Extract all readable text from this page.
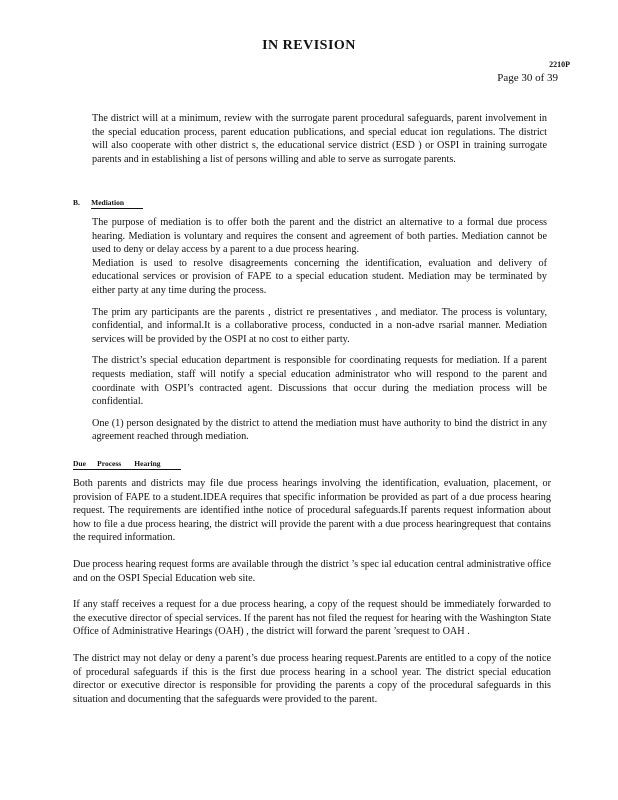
IN REVISION
2210P
Page 30 of 39

The district will at a minimum, review with the surrogate parent procedural safeguards, parent involvement in the special education process, parent education publications, and special educat ion regulations. The district will also cooperate with other district s, the educational service district (ESD ) or OSPI in training surrogate parents and in establishing a list of persons willing and able to serve as surrogate parents.

B. Mediation

The purpose of mediation is to offer both the parent and the district an alternative to a formal due process hearing. Mediation is voluntary and requires the consent and agreement of both parties. Mediation cannot be used to deny or delay access by a parent to a due process hearing.

Mediation is used to resolve disagreements concerning the identification, evaluation and delivery of educational services or provision of FAPE to a special education student. Mediation may be terminated by either party at any time during the process.

The prim ary participants are the parents , district re presentatives , and mediator. The process is voluntary, confidential, and informal.It is a collaborative process, conducted in a non-adve rsarial manner. Mediation services will be provided by the OSPI at no cost to either party.

The district’s special education department is responsible for coordinating requests for mediation. If a parent requests mediation, staff will notify a special education administrator who will respond to the parent and coordinate with OSPI’s contracted agent. Discussions that occur during the mediation process will be confidential.

One (1) person designated by the district to attend the mediation must have authority to bind the district in any agreement reached through mediation.

Due      Process       Hearing

Both parents and districts may file due process hearings involving the identification, evaluation, placement, or provision of FAPE to a student.IDEA requires that specific information be provided as part of a due process hearing request. The requirements are identified inthe notice of procedural safeguards.If parents request information about how to file a due process hearing, the district will provide the parent with a due process hearingrequest that contains the required information.

Due process hearing request forms are available through the district ’s spec ial education central administrative office and on the OSPI Special Education web site.

If any staff receives a request for a due process hearing, a copy of the request should be immediately forwarded to the executive director of special services. If the parent has not filed the request for hearing with the Washington State Office of Administrative Hearings (OAH) , the district will forward the parent ’srequest to OAH .

The district may not delay or deny a parent’s due process hearing request.Parents are entitled to a copy of the notice of procedural safeguards if this is the first due process hearing in a school year. The district special education director or executive director is responsible for providing the parents a copy of the procedural safeguards in this situation and documenting that the safeguards were provided to the parent.
